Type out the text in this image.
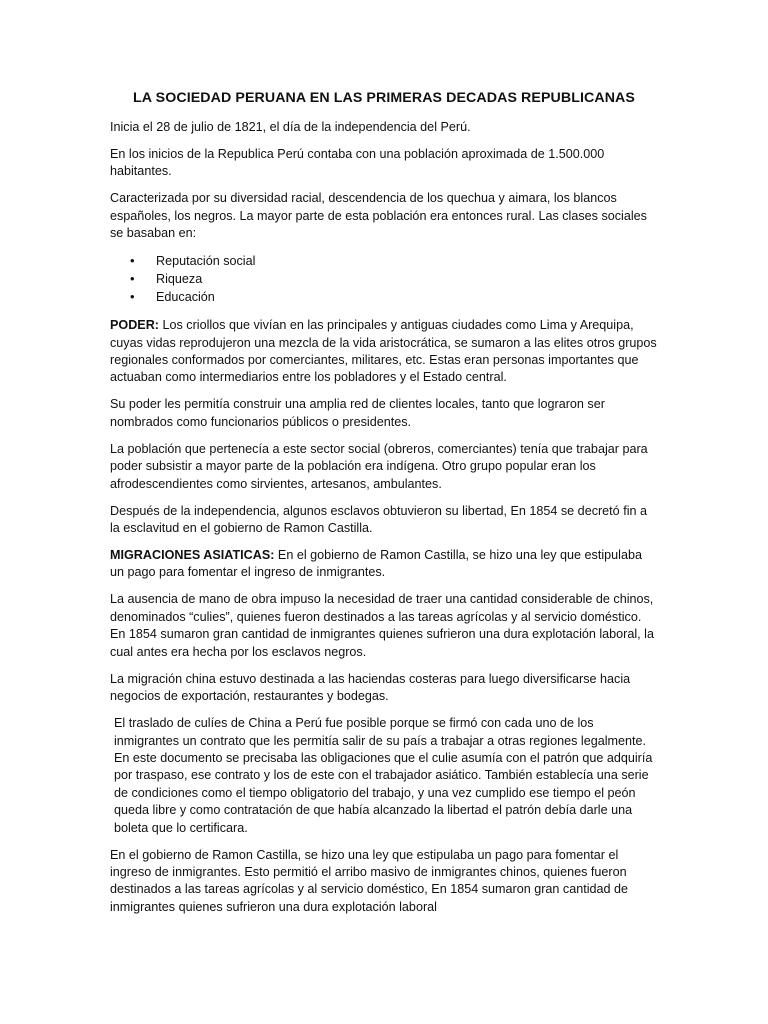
LA SOCIEDAD PERUANA EN LAS PRIMERAS DECADAS REPUBLICANAS

Inicia el 28 de julio de 1821, el día de la independencia del Perú.

En los inicios de la Republica Perú contaba con una población aproximada de 1.500.000 habitantes.

Caracterizada por su diversidad racial, descendencia de los quechua y aimara, los blancos españoles, los negros. La mayor parte de esta población era entonces rural. Las clases sociales se basaban en:

• Reputación social
• Riqueza
• Educación

PODER: Los criollos que vivían en las principales y antiguas ciudades como Lima y Arequipa, cuyas vidas reprodujeron una mezcla de la vida aristocrática, se sumaron a las elites otros grupos regionales conformados por comerciantes, militares, etc. Estas eran personas importantes que actuaban como intermediarios entre los pobladores y el Estado central.

Su poder les permitía construir una amplia red de clientes locales, tanto que lograron ser nombrados como funcionarios públicos o presidentes.

La población que pertenecía a este sector social (obreros, comerciantes) tenía que trabajar para poder subsistir a mayor parte de la población era indígena. Otro grupo popular eran los afrodescendientes como sirvientes, artesanos, ambulantes.

Después de la independencia, algunos esclavos obtuvieron su libertad, En 1854 se decretó fin a la esclavitud en el gobierno de Ramon Castilla.

MIGRACIONES ASIATICAS: En el gobierno de Ramon Castilla, se hizo una ley que estipulaba un pago para fomentar el ingreso de inmigrantes.

La ausencia de mano de obra impuso la necesidad de traer una cantidad considerable de chinos, denominados “culies”, quienes fueron destinados a las tareas agrícolas y al servicio doméstico. En 1854 sumaron gran cantidad de inmigrantes quienes sufrieron una dura explotación laboral, la cual antes era hecha por los esclavos negros.

La migración china estuvo destinada a las haciendas costeras para luego diversificarse hacia negocios de exportación, restaurantes y bodegas.

El traslado de culíes de China a Perú fue posible porque se firmó con cada uno de los inmigrantes un contrato que les permitía salir de su país a trabajar a otras regiones legalmente. En este documento se precisaba las obligaciones que el culie asumía con el patrón que adquiría por traspaso, ese contrato y los de este con el trabajador asiático. También establecía una serie de condiciones como el tiempo obligatorio del trabajo, y una vez cumplido ese tiempo el peón queda libre y como contratación de que había alcanzado la libertad el patrón debía darle una boleta que lo certificara.

En el gobierno de Ramon Castilla, se hizo una ley que estipulaba un pago para fomentar el ingreso de inmigrantes. Esto permitió el arribo masivo de inmigrantes chinos, quienes fueron destinados a las tareas agrícolas y al servicio doméstico, En 1854 sumaron gran cantidad de inmigrantes quienes sufrieron una dura explotación laboral
